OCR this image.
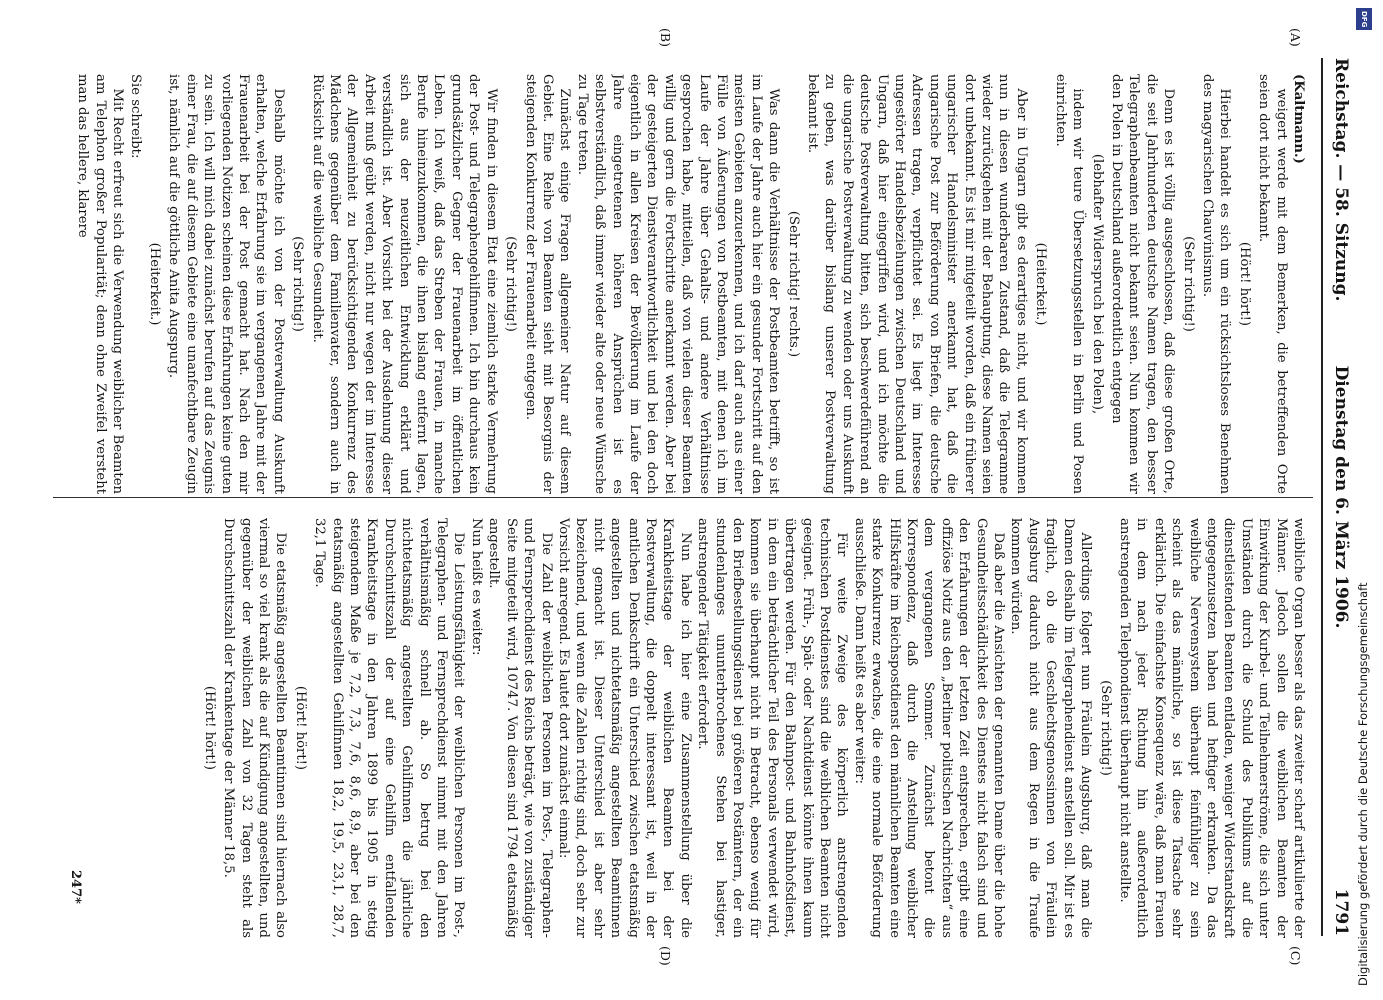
Reichstag. — 58. Sitzung.
Dienstag den 6. März 1906.
1791
(A)
(B)
(C)
(D)

(Kaltmann.)

weigert werde mit dem Bemerken, die betreffenden Orte seien dort nicht bekannt.

(Hört! hört!)

Hierbei handelt es sich um ein rücksichtsloses Benehmen des magyarischen Chauvinismus.

(Sehr richtig!)

Denn es ist völlig ausgeschlossen, daß diese großen Orte, die seit Jahrhunderten deutsche Namen tragen, den besser Telegraphenbeamten nicht bekannt seien. Nun kommen wir den Polen in Deutschland außerordentlich entgegen

(lebhafter Widerspruch bei den Polen),

indem wir teure Übersetzungsstellen in Berlin und Posen einrichten.

(Heiterkeit.)

Aber in Ungarn gibt es derartiges nicht, und wir kommen nun in diesen wunderbaren Zustand, daß die Telegramme wieder zurückgehen mit der Behauptung, diese Namen seien dort unbekannt. Es ist mir mitgeteilt worden, daß ein früherer ungarischer Handelsminister anerkannt hat, daß die ungarische Post zur Beförderung von Briefen, die deutsche Adressen tragen, verpflichtet sei. Es liegt im Interesse ungestörter Handelsbeziehungen zwischen Deutschland und Ungarn, daß hier eingegriffen wird, und ich möchte die deutsche Postverwaltung bitten, sich beschwerdeführend an die ungarische Postverwaltung zu wenden oder uns Auskunft zu geben, was darüber bislang unserer Postverwaltung bekannt ist.

(Sehr richtig! rechts.)

Was dann die Verhältnisse der Postbeamten betrifft, so ist im Laufe der Jahre auch hier ein gesunder Fortschritt auf den meisten Gebieten anzuerkennen, und ich darf auch aus einer Fülle von Äußerungen von Postbeamten, mit denen ich im Laufe der Jahre über Gehalts- und andere Verhältnisse gesprochen habe, mitteilen, daß von vielen dieser Beamten willig und gern die Fortschritte anerkannt werden. Aber bei der gesteigerten Dienstverantwortlichkeit und bei den doch eigentlich in allen Kreisen der Bevölkerung im Laufe der Jahre eingetretenen höheren Ansprüchen ist es selbstverständlich, daß immer wieder alte oder neue Wünsche zu Tage treten.

Zunächst einige Fragen allgemeiner Natur auf diesem Gebiet. Eine Reihe von Beamten sieht mit Besorgnis der steigenden Konkurrenz der Frauenarbeit entgegen.

(Sehr richtig!)

Wir finden in diesem Etat eine ziemlich starke Vermehrung der Post- und Telegraphengehilfinnen. Ich bin durchaus kein grundsätzlicher Gegner der Frauenarbeit im öffentlichen Leben. Ich weiß, daß das Streben der Frauen, in manche Berufe hineinzukommen, die ihnen bislang entfernt lagen, sich aus der neuzeitlichen Entwicklung erklärt und verständlich ist. Aber Vorsicht bei der Ausdehnung dieser Arbeit muß geübt werden, nicht nur wegen der im Interesse der Allgemeinheit zu berücksichtigenden Konkurrenz des Mädchens gegenüber dem Familienvater, sondern auch in Rücksicht auf die weibliche Gesundheit.

(Sehr richtig!)

Deshalb möchte ich von der Postverwaltung Auskunft erhalten, welche Erfahrung sie im vergangenen Jahre mit der Frauenarbeit bei der Post gemacht hat. Nach den mir vorliegenden Notizen scheinen diese Erfahrungen keine guten zu sein. Ich will mich dabei zunächst berufen auf das Zeugnis einer Frau, die auf diesem Gebiete eine unanfechtbare Zeugin ist, nämlich auf die göttliche Anita Augspurg.

(Heiterkeit.)

Sie schreibt:

Mit Recht erfreut sich die Verwendung weiblicher Beamten am Telephon großer Popularität; denn ohne Zweifel versteht man das hellere, klarere

weibliche Organ besser als das zweiter scharf artikulierte der Männer. Jedoch sollen die weiblichen Beamten der Einwirkung der Kurbel- und Teilnehmerströme, die sich unter Umständen durch die Schuld des Publikums auf die dienstleistenden Beamten entladen, weniger Widerstandskraft entgegenzusetzen haben und heftiger erkranken. Da das weibliche Nervensystem überhaupt feinfühliger zu sein scheint als das männliche, so ist diese Tatsache sehr erklärlich. Die einfachste Konsequenz wäre, daß man Frauen in dem nach jeder Richtung hin außerordentlich anstrengenden Telephondienst überhaupt nicht anstellte.

(Sehr richtig!)

Allerdings folgert nun Fräulein Augsburg, daß man die Damen deshalb im Telegraphendienst anstellen soll. Mir ist es fraglich, ob die Geschlechtsgenossinnen von Fräulein Augsburg dadurch nicht aus dem Regen in die Traufe kommen würden.

Daß aber die Ansichten der genannten Dame über die hohe Gesundheitsschädlichkeit des Dienstes nicht falsch sind und den Erfahrungen der letzten Zeit entsprechen, ergibt eine offiziöse Notiz aus den „Berliner politischen Nachrichten“ aus dem vergangenen Sommer. Zunächst betont die Korrespondenz, daß durch die Anstellung weiblicher Hilfskräfte im Reichspostdienst den männlichen Beamten eine starke Konkurrenz erwachse, die eine normale Beförderung ausschließe. Dann heißt es aber weiter:

Für weite Zweige des körperlich anstrengenden technischen Postdienstes sind die weiblichen Beamten nicht geeignet. Früh-, Spät- oder Nachtdienst könnte ihnen kaum übertragen werden. Für den Bahnpost- und Bahnhofsdienst, in dem ein beträchtlicher Teil des Personals verwendet wird, kommen sie überhaupt nicht in Betracht, ebenso wenig für den Briefbestellungsdienst bei größeren Postämtern, der ein stundenlanges ununterbrochenes Stehen bei hastiger, anstrengender Tätigkeit erfordert.

Nun habe ich hier eine Zusammenstellung über die Krankheitstage der weiblichen Beamten bei der Postverwaltung, die doppelt interessant ist, weil in der amtlichen Denkschrift ein Unterschied zwischen etatsmäßig angestellten und nichtetatsmäßig angestellten Beamtinnen nicht gemacht ist. Dieser Unterschied ist aber sehr bezeichnend, und wenn die Zahlen richtig sind, doch sehr zur Vorsicht anregend. Es lautet dort zunächst einmal:

Die Zahl der weiblichen Personen im Post-, Telegraphen- und Fernsprechdienst des Reichs beträgt, wie von zuständiger Seite mitgeteilt wird, 10747. Von diesen sind 1794 etatsmäßig angestellt.

Nun heißt es weiter:

Die Leistungsfähigkeit der weiblichen Personen im Post-, Telegraphen- und Fernsprechdienst nimmt mit den Jahren verhältnismäßig schnell ab. So betrug bei den nichtetatsmäßig angestellten Gehilfinnen die jährliche Durchschnittszahl der auf eine Gehilfin entfallenden Krankheitstage in den Jahren 1899 bis 1905 in stetig steigendem Maße je 7,2, 7,3, 7,6, 8,6, 8,9, aber bei den etatsmäßig angestellten Gehilfinnen 18,2, 19,5, 23,1, 28,7, 32,1 Tage.

(Hört! hört!)

Die etatsmäßig angestellten Beamtinnen sind hiernach also viermal so viel krank als die auf Kündigung angestellten, und gegenüber der weiblichen Zahl von 32 Tagen steht als Durchschnittszahl der Krankentage der Männer 18,5.

(Hört! hört!)

247*
DFG
Digitalisierung gefördert durch die Deutsche Forschungsgemeinschaft
